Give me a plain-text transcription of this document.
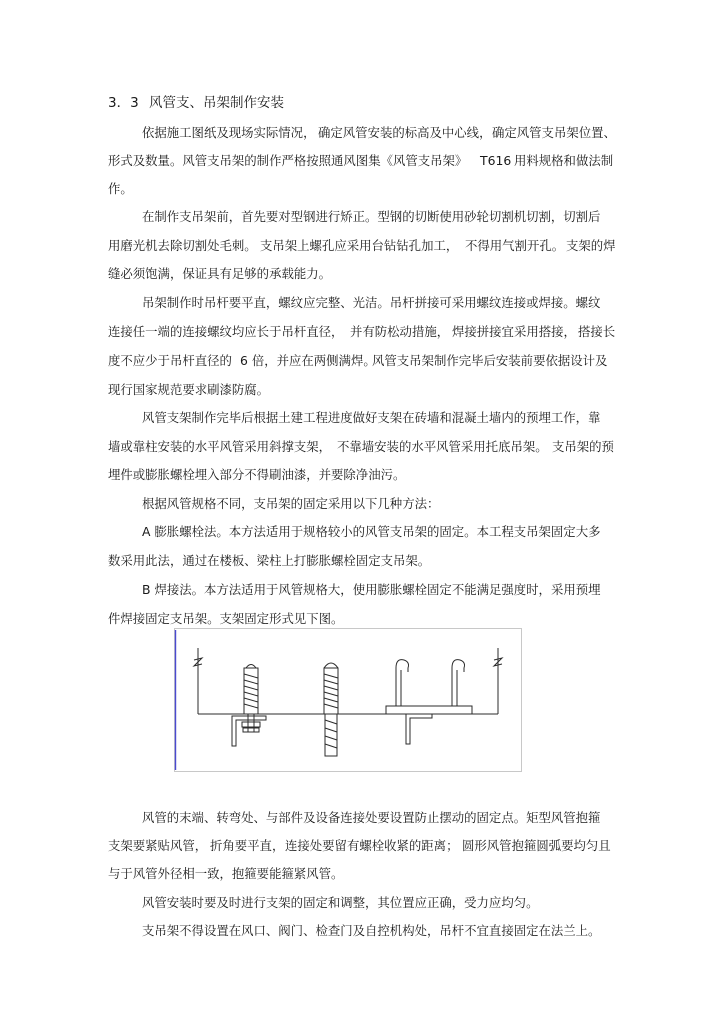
3．3 风管支、吊架制作安装
依据施工图纸及现场实际情况， 确定风管安装的标高及中心线， 确定风管支吊架位置、
形式及数量。风管支吊架的制作严格按照通风图集《风管支吊架》 T616 用料规格和做法制
作。
在制作支吊架前，首先要对型钢进行矫正。型钢的切断使用砂轮切割机切割，切割后
用磨光机去除切割处毛刺。 支吊架上螺孔应采用台钻钻孔加工， 不得用气割开孔。 支架的焊
缝必须饱满，保证具有足够的承载能力。
吊架制作时吊杆要平直，螺纹应完整、光洁。吊杆拼接可采用螺纹连接或焊接。螺纹
连接任一端的连接螺纹均应长于吊杆直径， 并有防松动措施， 焊接拼接宜采用搭接， 搭接长
度不应少于吊杆直径的 6 倍，并应在两侧满焊。
风管支吊架制作完毕后安装前要依据设计及
现行国家规范要求刷漆防腐。
风管支架制作完毕后根据土建工程进度做好支架在砖墙和混凝土墙内的预埋工作，靠
墙或靠柱安装的水平风管采用斜撑支架， 不靠墙安装的水平风管采用托底吊架。 支吊架的预
埋件或膨胀螺栓埋入部分不得刷油漆，并要除净油污。
根据风管规格不同，支吊架的固定采用以下几种方法：
A 膨胀螺栓法。本方法适用于规格较小的风管支吊架的固定。本工程支吊架固定大多
数采用此法，通过在楼板、梁柱上打膨胀螺栓固定支吊架。
B 焊接法。本方法适用于风管规格大，使用膨胀螺栓固定不能满足强度时，采用预埋
件焊接固定支吊架。支架固定形式见下图。
风管的末端、转弯处、与部件及设备连接处要设置防止摆动的固定点。矩型风管抱箍
支架要紧贴风管， 折角要平直， 连接处要留有螺栓收紧的距离； 圆形风管抱箍圆弧要均匀且
与于风管外径相一致，抱箍要能箍紧风管。
风管安装时要及时进行支架的固定和调整，其位置应正确，受力应均匀。
支吊架不得设置在风口、阀门、检查门及自控机构处，吊杆不宜直接固定在法兰上。
